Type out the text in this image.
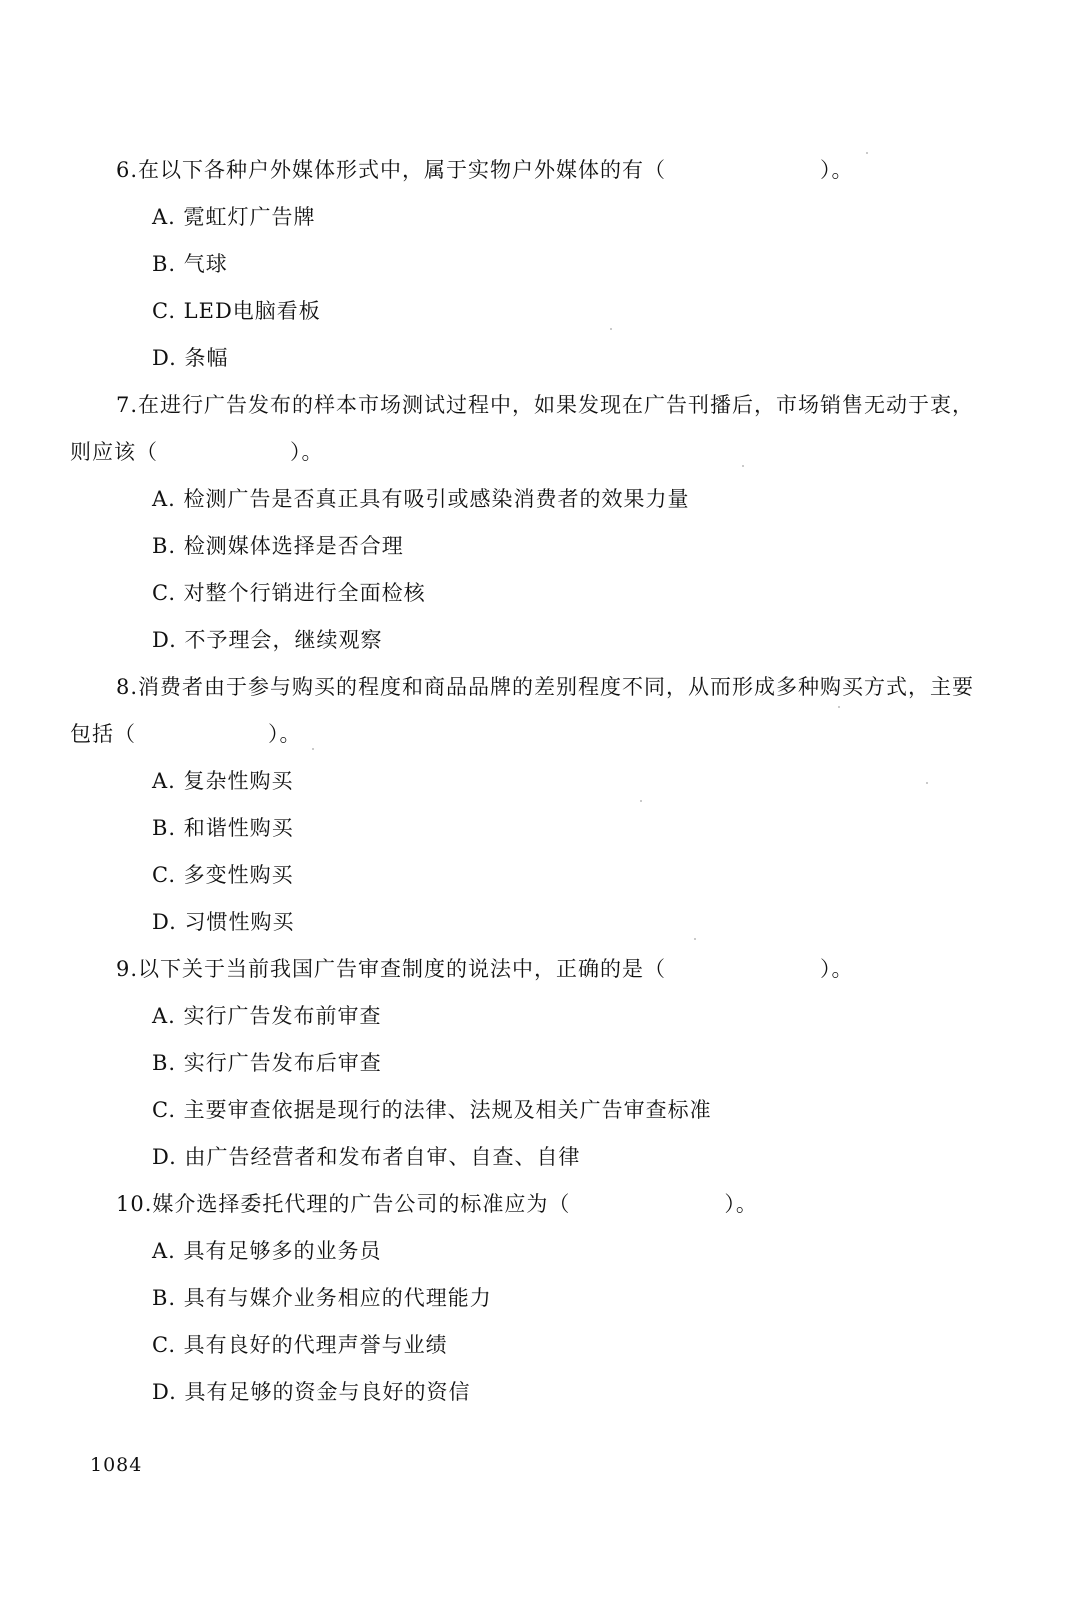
6.在以下各种户外媒体形式中，属于实物户外媒体的有（　　　　　　　）。
A. 霓虹灯广告牌
B. 气球
C. LED电脑看板
D. 条幅
7.在进行广告发布的样本市场测试过程中，如果发现在广告刊播后，市场销售无动于衷，
则应该（　　　　　　）。
A. 检测广告是否真正具有吸引或感染消费者的效果力量
B. 检测媒体选择是否合理
C. 对整个行销进行全面检核
D. 不予理会，继续观察
8.消费者由于参与购买的程度和商品品牌的差别程度不同，从而形成多种购买方式，主要
包括（　　　　　　）。
A. 复杂性购买
B. 和谐性购买
C. 多变性购买
D. 习惯性购买
9.以下关于当前我国广告审查制度的说法中，正确的是（　　　　　　　）。
A. 实行广告发布前审查
B. 实行广告发布后审查
C. 主要审查依据是现行的法律、法规及相关广告审查标准
D. 由广告经营者和发布者自审、自查、自律
10.媒介选择委托代理的广告公司的标准应为（　　　　　　　）。
A. 具有足够多的业务员
B. 具有与媒介业务相应的代理能力
C. 具有良好的代理声誉与业绩
D. 具有足够的资金与良好的资信
1084
